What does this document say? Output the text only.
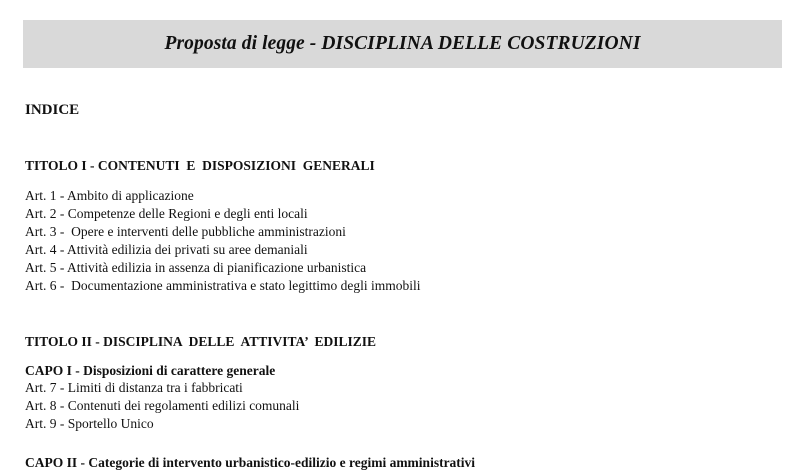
Proposta di legge - DISCIPLINA DELLE COSTRUZIONI
INDICE
TITOLO I - CONTENUTI  E  DISPOSIZIONI  GENERALI
Art. 1 - Ambito di applicazione
Art. 2 - Competenze delle Regioni e degli enti locali
Art. 3 -  Opere e interventi delle pubbliche amministrazioni
Art. 4 - Attività edilizia dei privati su aree demaniali
Art. 5 - Attività edilizia in assenza di pianificazione urbanistica
Art. 6 -  Documentazione amministrativa e stato legittimo degli immobili
TITOLO II - DISCIPLINA  DELLE  ATTIVITA’  EDILIZIE
CAPO I - Disposizioni di carattere generale
Art. 7 - Limiti di distanza tra i fabbricati
Art. 8 - Contenuti dei regolamenti edilizi comunali
Art. 9 - Sportello Unico
CAPO II - Categorie di intervento urbanistico-edilizio e regimi amministrativi
